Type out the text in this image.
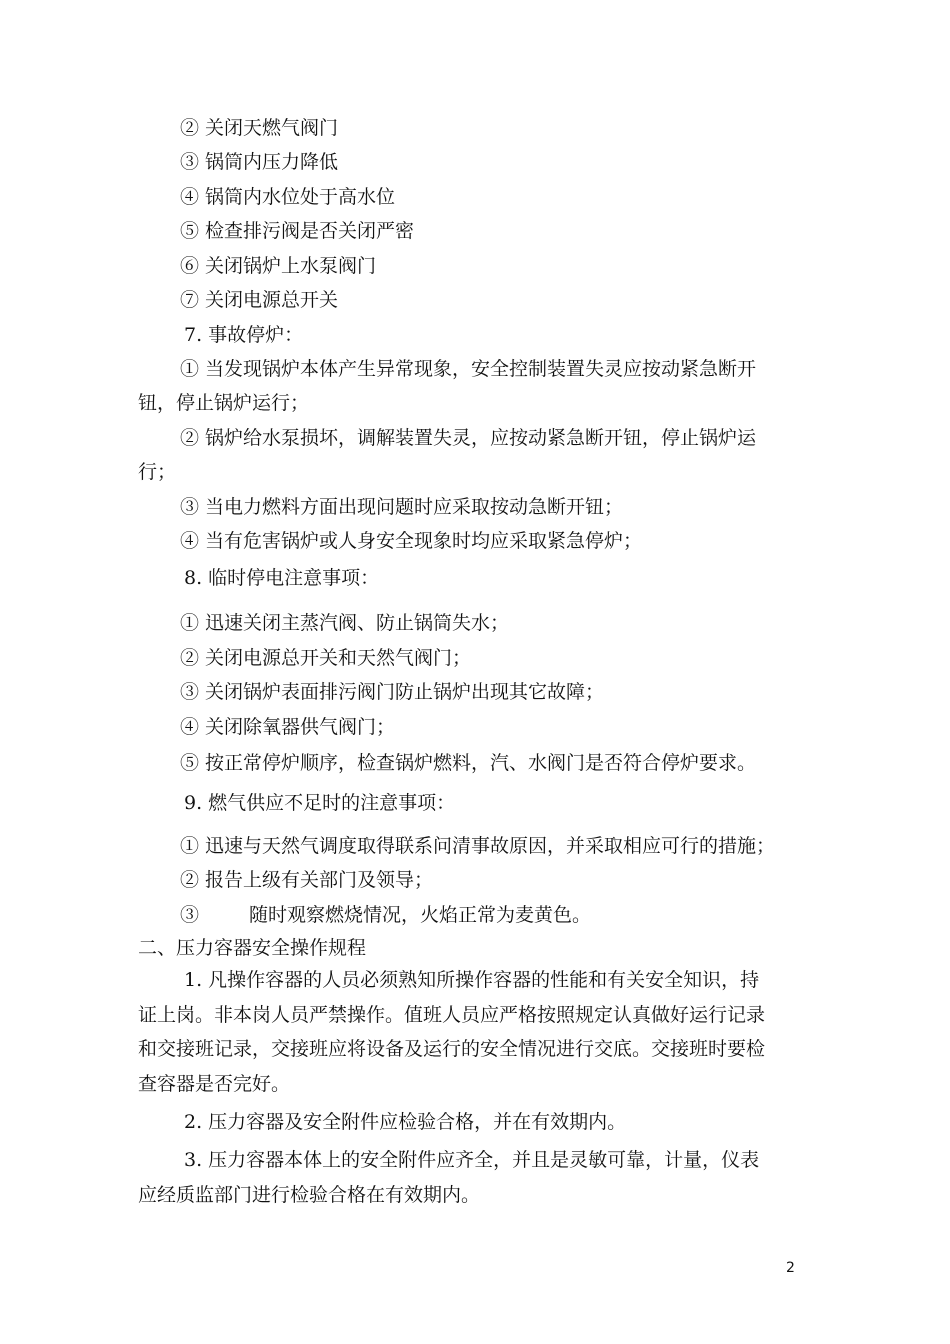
② 关闭天燃气阀门
③ 锅筒内压力降低
④ 锅筒内水位处于高水位
⑤ 检查排污阀是否关闭严密
⑥ 关闭锅炉上水泵阀门
⑦ 关闭电源总开关
7. 事故停炉：
① 当发现锅炉本体产生异常现象，安全控制装置失灵应按动紧急断开
钮，停止锅炉运行；
② 锅炉给水泵损坏，调解装置失灵，应按动紧急断开钮，停止锅炉运
行；
③ 当电力燃料方面出现问题时应采取按动急断开钮；
④ 当有危害锅炉或人身安全现象时均应采取紧急停炉；
8. 临时停电注意事项：
① 迅速关闭主蒸汽阀、防止锅筒失水；
② 关闭电源总开关和天然气阀门；
③ 关闭锅炉表面排污阀门防止锅炉出现其它故障；
④ 关闭除氧器供气阀门；
⑤ 按正常停炉顺序，检查锅炉燃料，汽、水阀门是否符合停炉要求。
9. 燃气供应不足时的注意事项：
① 迅速与天然气调度取得联系问清事故原因，并采取相应可行的措施；
② 报告上级有关部门及领导；
③ 随时观察燃烧情况，火焰正常为麦黄色。
二、压力容器安全操作规程
1. 凡操作容器的人员必须熟知所操作容器的性能和有关安全知识，持
证上岗。非本岗人员严禁操作。值班人员应严格按照规定认真做好运行记录
和交接班记录，交接班应将设备及运行的安全情况进行交底。交接班时要检
查容器是否完好。
2. 压力容器及安全附件应检验合格，并在有效期内。
3. 压力容器本体上的安全附件应齐全，并且是灵敏可靠，计量，仪表
应经质监部门进行检验合格在有效期内。
2
